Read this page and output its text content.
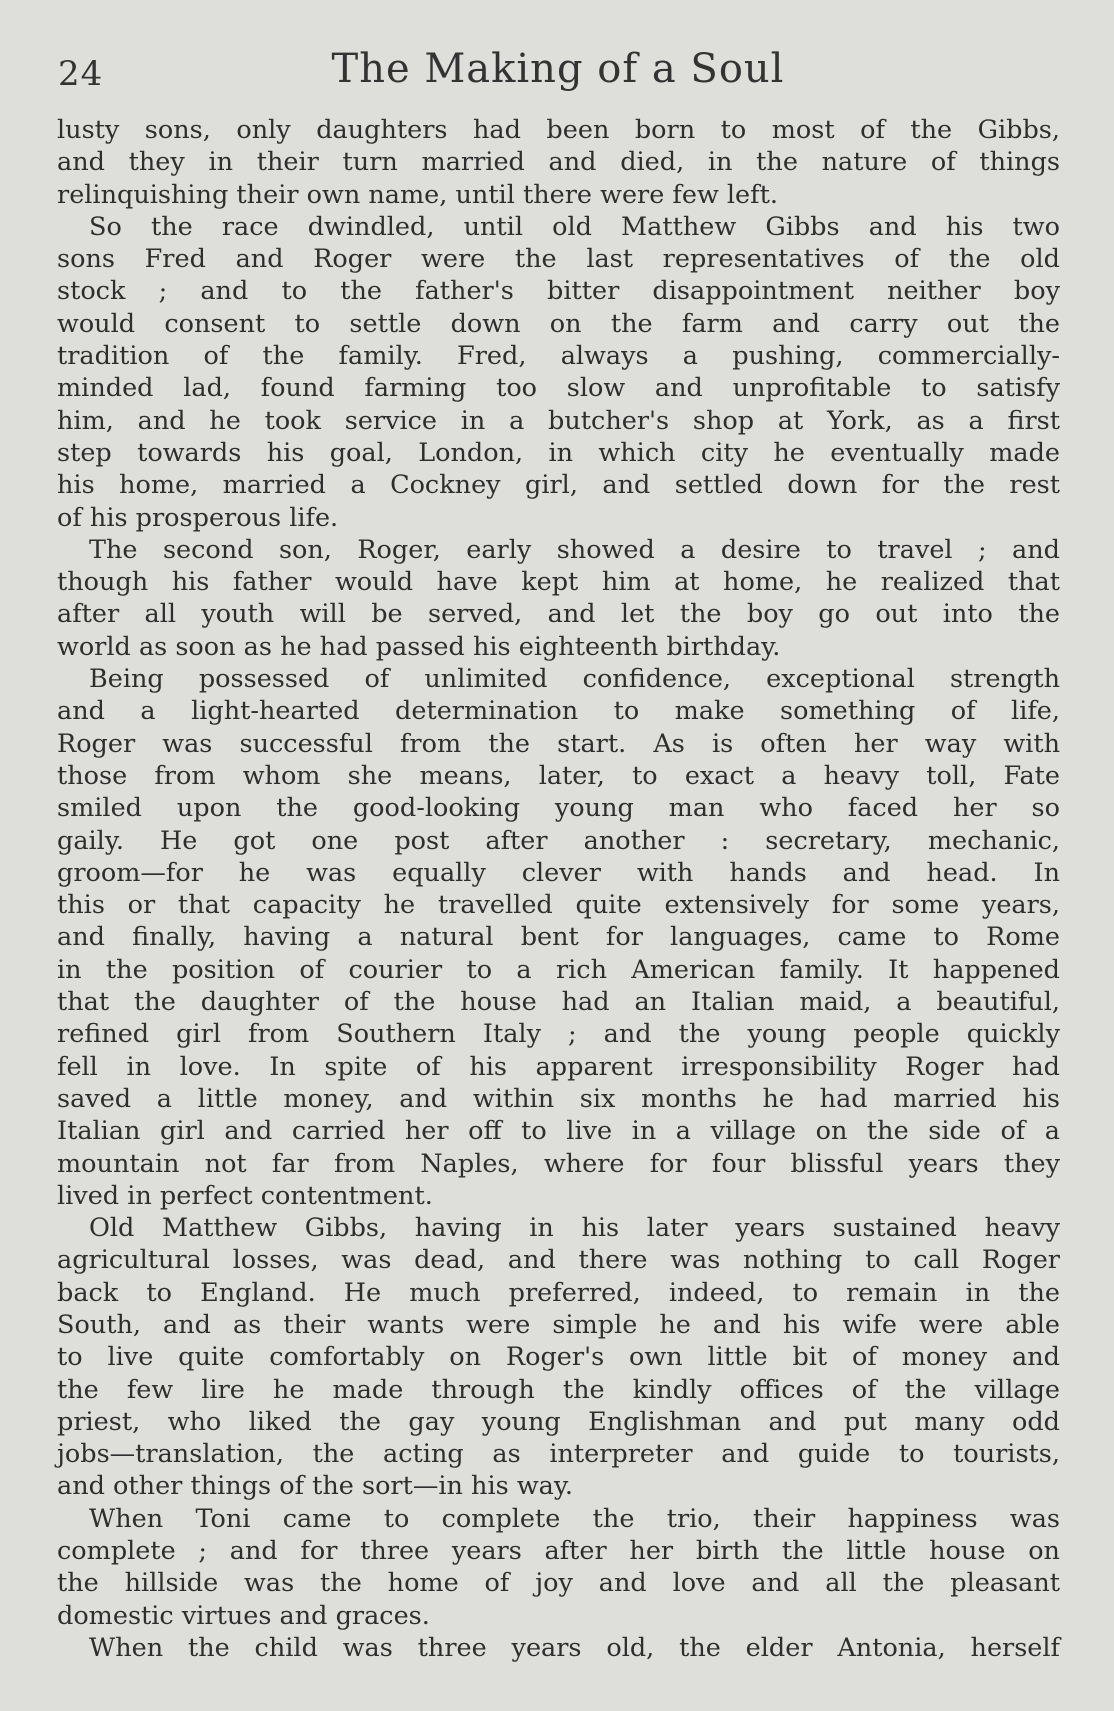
24	The Making of a Soul
lusty sons, only daughters had been born to most of the Gibbs,
and they in their turn married and died, in the nature of things
relinquishing their own name, until there were few left.
So the race dwindled, until old Matthew Gibbs and his two
sons Fred and Roger were the last representatives of the old
stock ; and to the father's bitter disappointment neither boy
would consent to settle down on the farm and carry out the
tradition of the family. Fred, always a pushing, commercially-
minded lad, found farming too slow and unprofitable to satisfy
him, and he took service in a butcher's shop at York, as a first
step towards his goal, London, in which city he eventually made
his home, married a Cockney girl, and settled down for the rest
of his prosperous life.
The second son, Roger, early showed a desire to travel ; and
though his father would have kept him at home, he realized that
after all youth will be served, and let the boy go out into the
world as soon as he had passed his eighteenth birthday.
Being possessed of unlimited confidence, exceptional strength
and a light-hearted determination to make something of life,
Roger was successful from the start. As is often her way with
those from whom she means, later, to exact a heavy toll, Fate
smiled upon the good-looking young man who faced her so
gaily. He got one post after another : secretary, mechanic,
groom—for he was equally clever with hands and head. In
this or that capacity he travelled quite extensively for some years,
and finally, having a natural bent for languages, came to Rome
in the position of courier to a rich American family. It happened
that the daughter of the house had an Italian maid, a beautiful,
refined girl from Southern Italy ; and the young people quickly
fell in love. In spite of his apparent irresponsibility Roger had
saved a little money, and within six months he had married his
Italian girl and carried her off to live in a village on the side of a
mountain not far from Naples, where for four blissful years they
lived in perfect contentment.
Old Matthew Gibbs, having in his later years sustained heavy
agricultural losses, was dead, and there was nothing to call Roger
back to England. He much preferred, indeed, to remain in the
South, and as their wants were simple he and his wife were able
to live quite comfortably on Roger's own little bit of money and
the few lire he made through the kindly offices of the village
priest, who liked the gay young Englishman and put many odd
jobs—translation, the acting as interpreter and guide to tourists,
and other things of the sort—in his way.
When Toni came to complete the trio, their happiness was
complete ; and for three years after her birth the little house on
the hillside was the home of joy and love and all the pleasant
domestic virtues and graces.
When the child was three years old, the elder Antonia, herself
